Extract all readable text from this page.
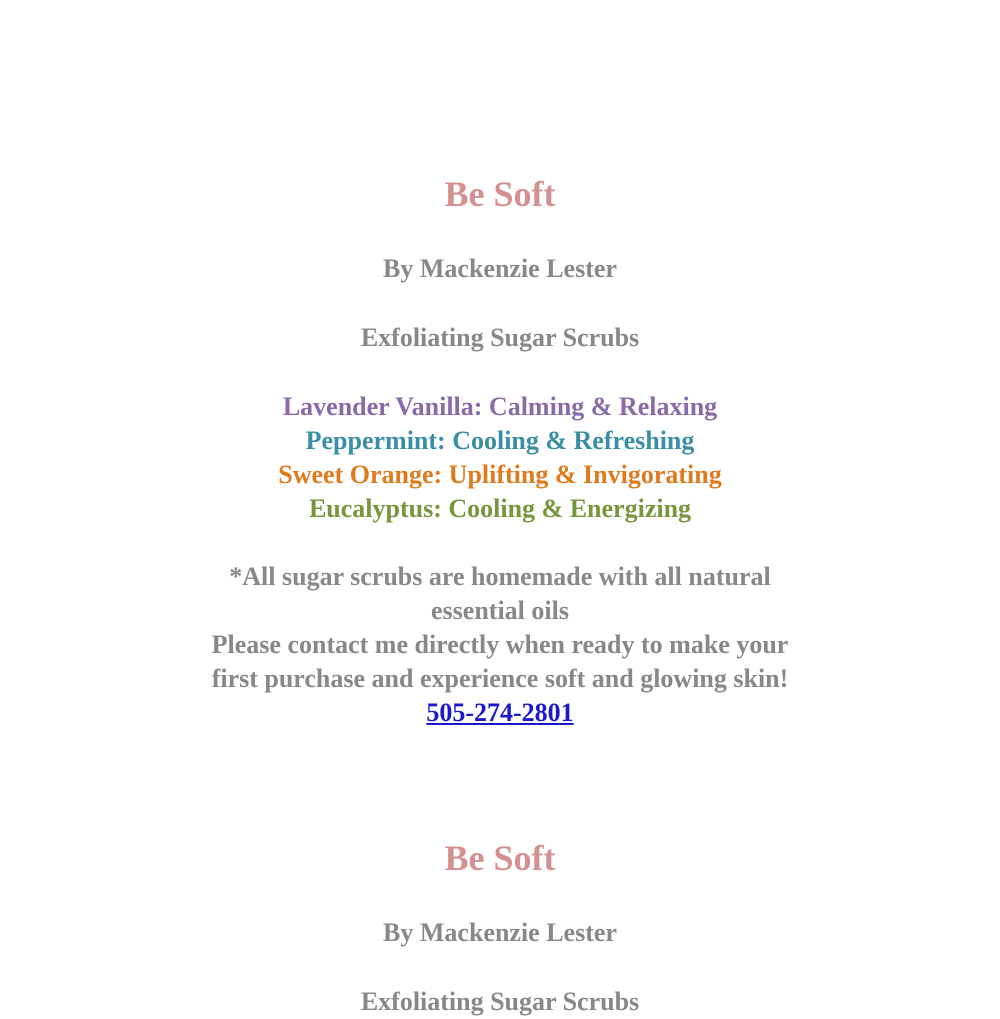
Be Soft

By Mackenzie Lester

Exfoliating Sugar Scrubs

Lavender Vanilla: Calming & Relaxing
Peppermint: Cooling & Refreshing
Sweet Orange: Uplifting & Invigorating
Eucalyptus: Cooling & Energizing
*All sugar scrubs are homemade with all natural
essential oils
Please contact me directly when ready to make your
first purchase and experience soft and glowing skin!
505-274-2801
Be Soft

By Mackenzie Lester

Exfoliating Sugar Scrubs
